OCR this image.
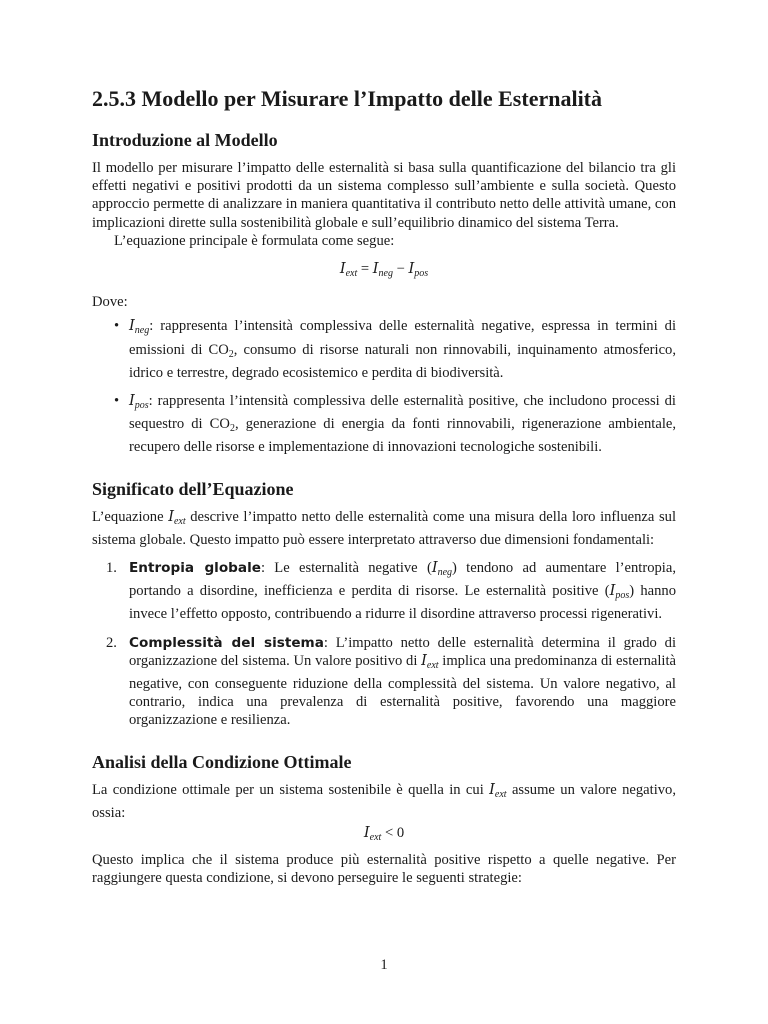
2.5.3 Modello per Misurare l’Impatto delle Esternalità
Introduzione al Modello

Il modello per misurare l’impatto delle esternalità si basa sulla quantificazione del bilancio tra gli effetti negativi e positivi prodotti da un sistema complesso sull’ambiente e sulla società. Questo approccio permette di analizzare in maniera quantitativa il contributo netto delle attività umane, con implicazioni dirette sulla sostenibilità globale e sull’equilibrio dinamico del sistema Terra.

L’equazione principale è formulata come segue:

$I_{ext} = I_{neg} - I_{pos}$

Dove:

• $I_{neg}$: rappresenta l’intensità complessiva delle esternalità negative, espressa in termini di emissioni di $CO_2$, consumo di risorse naturali non rinnovabili, inquinamento atmosferico, idrico e terrestre, degrado ecosistemico e perdita di biodiversità.
• $I_{pos}$: rappresenta l’intensità complessiva delle esternalità positive, che includono processi di sequestro di $CO_2$, generazione di energia da fonti rinnovabili, rigenerazione ambientale, recupero delle risorse e implementazione di innovazioni tecnologiche sostenibili.
Significato dell’Equazione

L’equazione $I_{ext}$ descrive l’impatto netto delle esternalità come una misura della loro influenza sul sistema globale. Questo impatto può essere interpretato attraverso due dimensioni fondamentali:

1. Entropia globale: Le esternalità negative $(I_{neg})$ tendono ad aumentare l’entropia, portando a disordine, inefficienza e perdita di risorse. Le esternalità positive $(I_{pos})$ hanno invece l’effetto opposto, contribuendo a ridurre il disordine attraverso processi rigenerativi.
2. Complessità del sistema: L’impatto netto delle esternalità determina il grado di organizzazione del sistema. Un valore positivo di $I_{ext}$ implica una predominanza di esternalità negative, con conseguente riduzione della complessità del sistema. Un valore negativo, al contrario, indica una prevalenza di esternalità positive, favorendo una maggiore organizzazione e resilienza.
Analisi della Condizione Ottimale

La condizione ottimale per un sistema sostenibile è quella in cui $I_{ext}$ assume un valore negativo, ossia:

$I_{ext} < 0$

Questo implica che il sistema produce più esternalità positive rispetto a quelle negative. Per raggiungere questa condizione, si devono perseguire le seguenti strategie:

1
